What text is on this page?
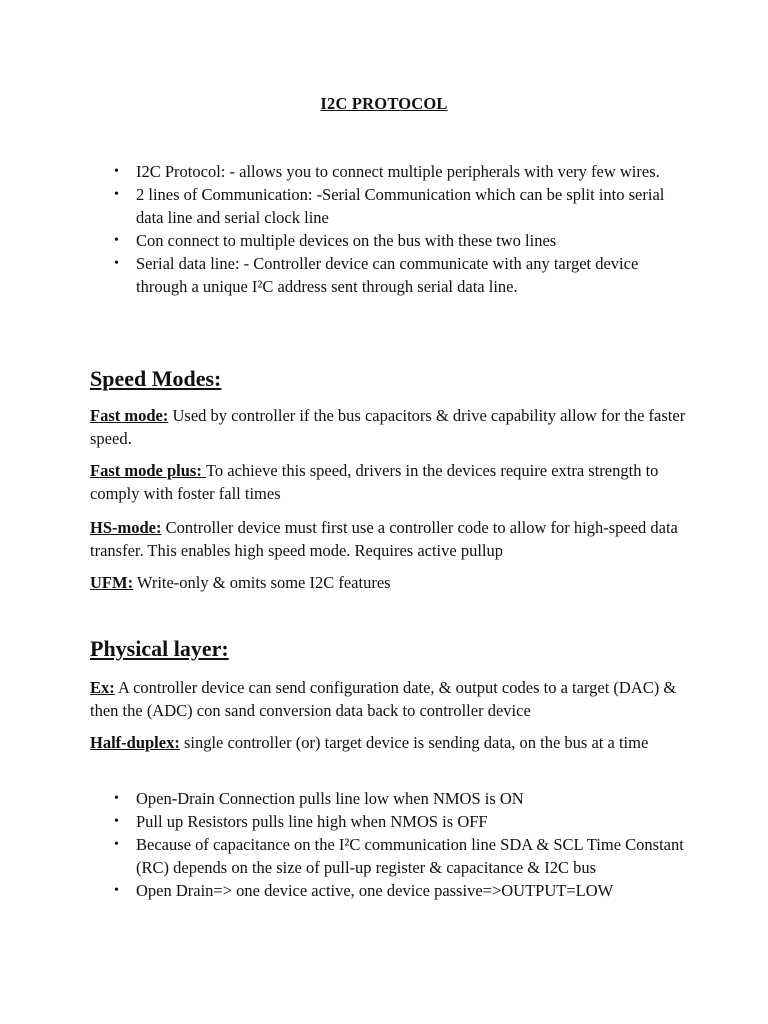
I2C PROTOCOL
• I2C Protocol: - allows you to connect multiple peripherals with very few wires.
• 2 lines of Communication: -Serial Communication which can be split into serial data line and serial clock line
• Con connect to multiple devices on the bus with these two lines
• Serial data line: - Controller device can communicate with any target device through a unique I²C address sent through serial data line.
Speed Modes:

Fast mode: Used by controller if the bus capacitors & drive capability allow for the faster speed.

Fast mode plus: To achieve this speed, drivers in the devices require extra strength to comply with foster fall times

HS-mode: Controller device must first use a controller code to allow for high-speed data transfer. This enables high speed mode. Requires active pullup

UFM: Write-only & omits some I2C features

Physical layer:

Ex: A controller device can send configuration date, & output codes to a target (DAC) & then the (ADC) con sand conversion data back to controller device

Half-duplex: single controller (or) target device is sending data, on the bus at a time

• Open-Drain Connection pulls line low when NMOS is ON
• Pull up Resistors pulls line high when NMOS is OFF
• Because of capacitance on the I²C communication line SDA & SCL Time Constant (RC) depends on the size of pull-up register & capacitance & I2C bus
• Open Drain=> one device active, one device passive=>OUTPUT=LOW
